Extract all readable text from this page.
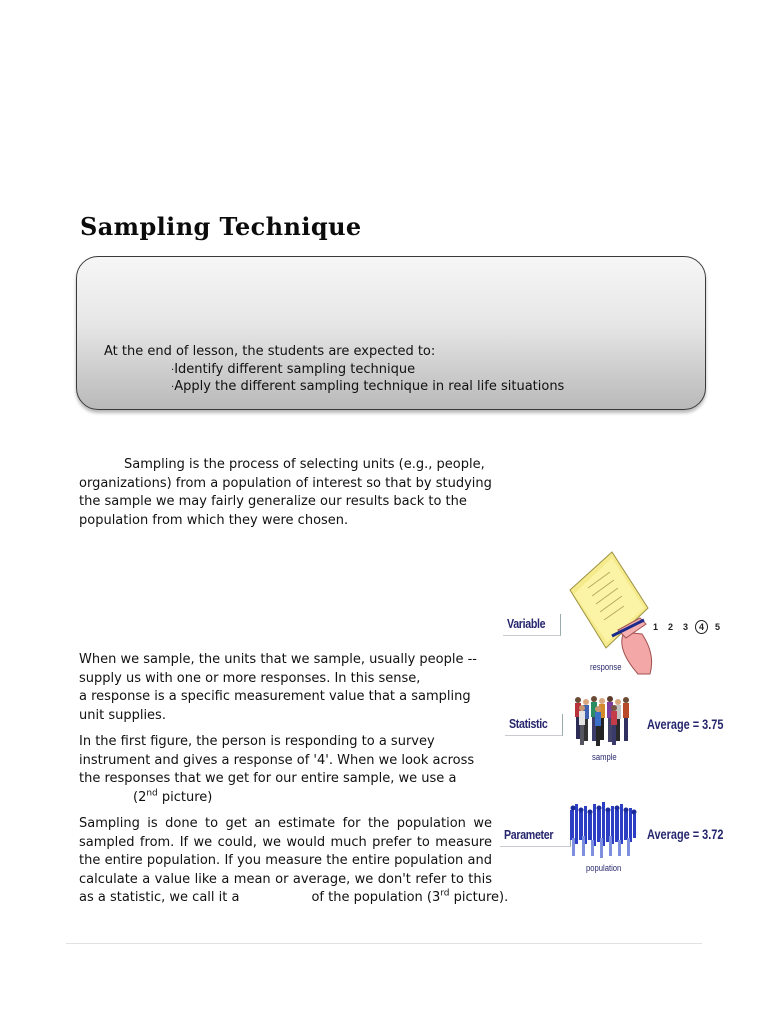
Sampling Technique
At the end of lesson, the students are expected to:
·Identify different sampling technique
·Apply the different sampling technique in real life situations
Sampling is the process of selecting units (e.g., people,
organizations) from a population of interest so that by studying
the sample we may fairly generalize our results back to the
population from which they were chosen.
When we sample, the units that we sample, usually people --
supply us with one or more responses. In this sense,
a response is a specific measurement value that a sampling
unit supplies.
In the first figure, the person is responding to a survey
instrument and gives a response of '4'. When we look across
the responses that we get for our entire sample, we use a
(2nd picture)
Sampling is done to get an estimate for the population we
sampled from. If we could, we would much prefer to measure
the entire population. If you measure the entire population and
calculate a value like a mean or average, we don't refer to this
as a statistic, we call it a	of the population (3rd picture).
Variable	1 2 3 4 5
response
Statistic
sample
Average = 3.75
Parameter
population
Average = 3.72
